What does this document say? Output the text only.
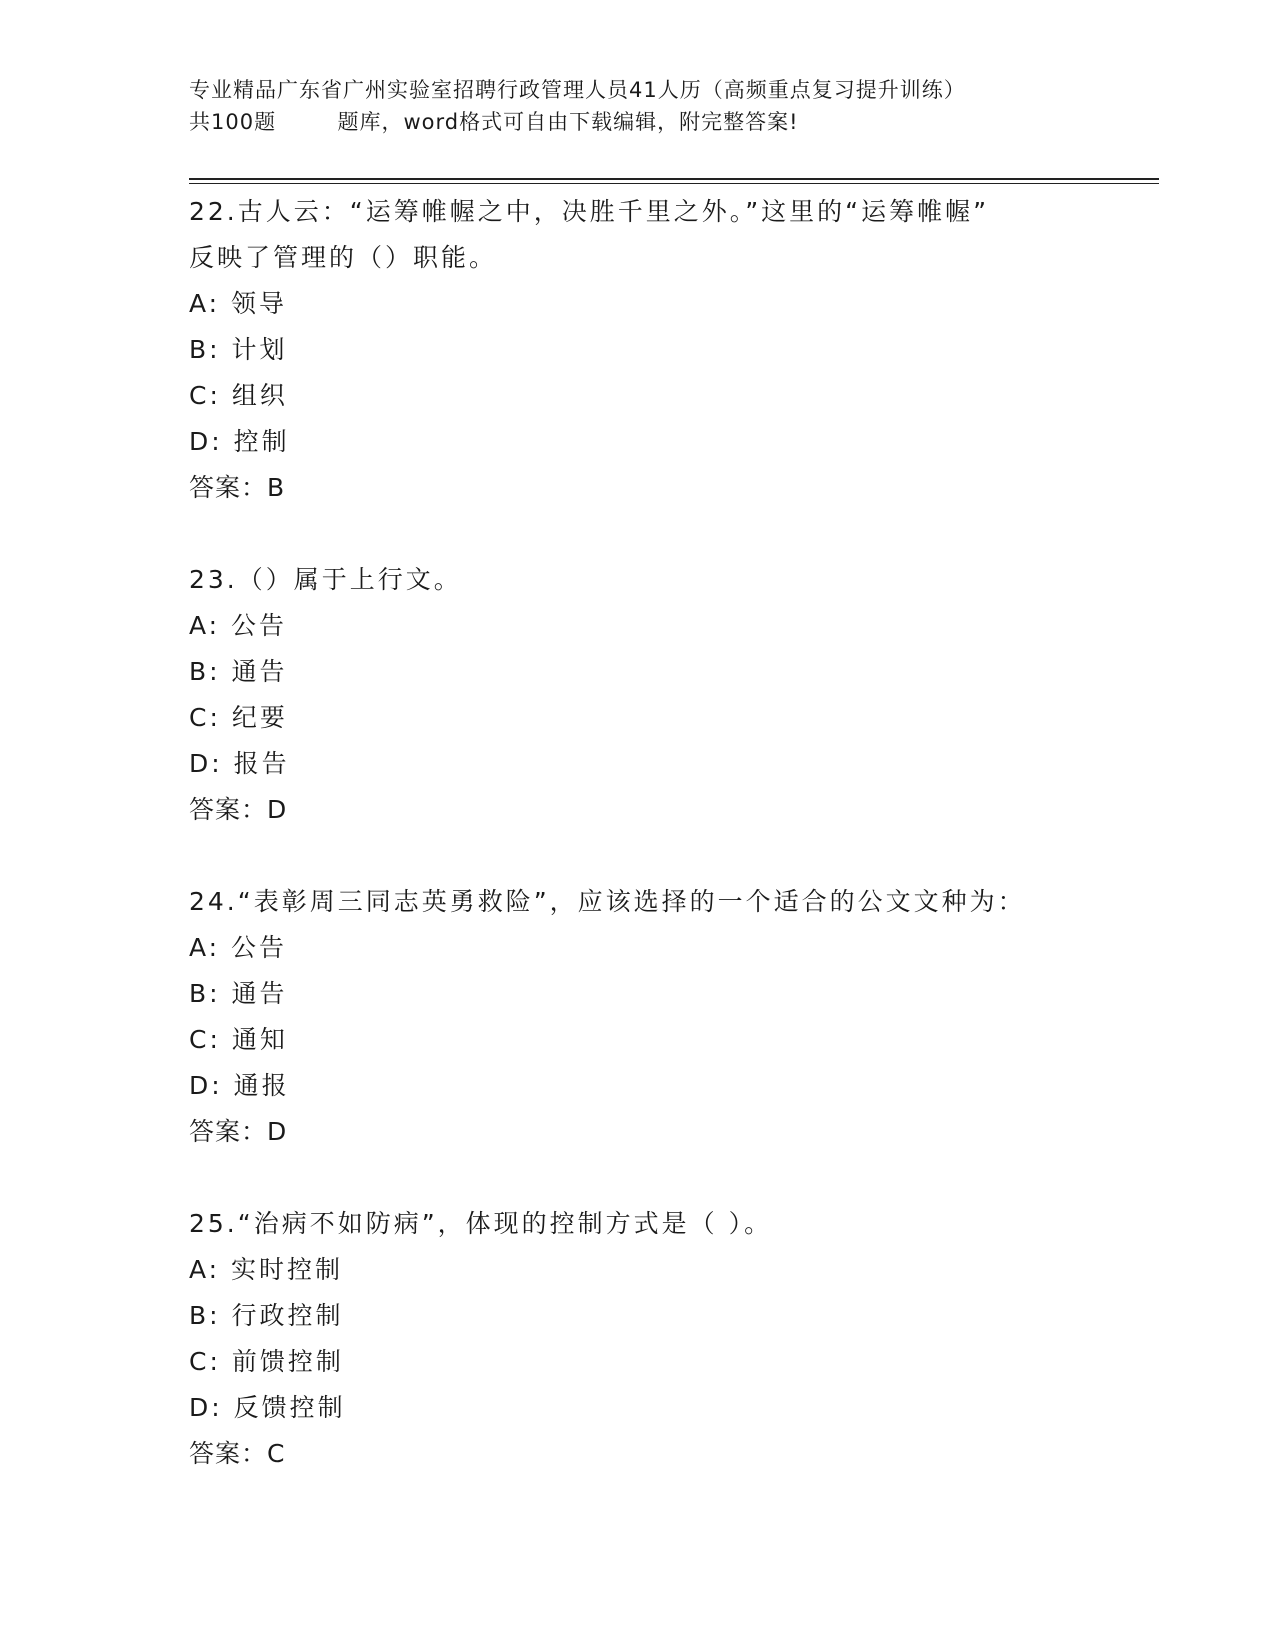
专业精品广东省广州实验室招聘行政管理人员41人历（高频重点复习提升训练）
共100题        题库，word格式可自由下载编辑，附完整答案!
22.古人云：“运筹帷幄之中，决胜千里之外。”这里的“运筹帷幄”
反映了管理的（）职能。
A: 领导
B: 计划
C: 组织
D: 控制
答案：B
23.（）属于上行文。
A: 公告
B: 通告
C: 纪要
D: 报告
答案：D
24.“表彰周三同志英勇救险”，应该选择的一个适合的公文文种为：
A: 公告
B: 通告
C: 通知
D: 通报
答案：D
25.“治病不如防病”，体现的控制方式是（ ）。
A: 实时控制
B: 行政控制
C: 前馈控制
D: 反馈控制
答案：C
